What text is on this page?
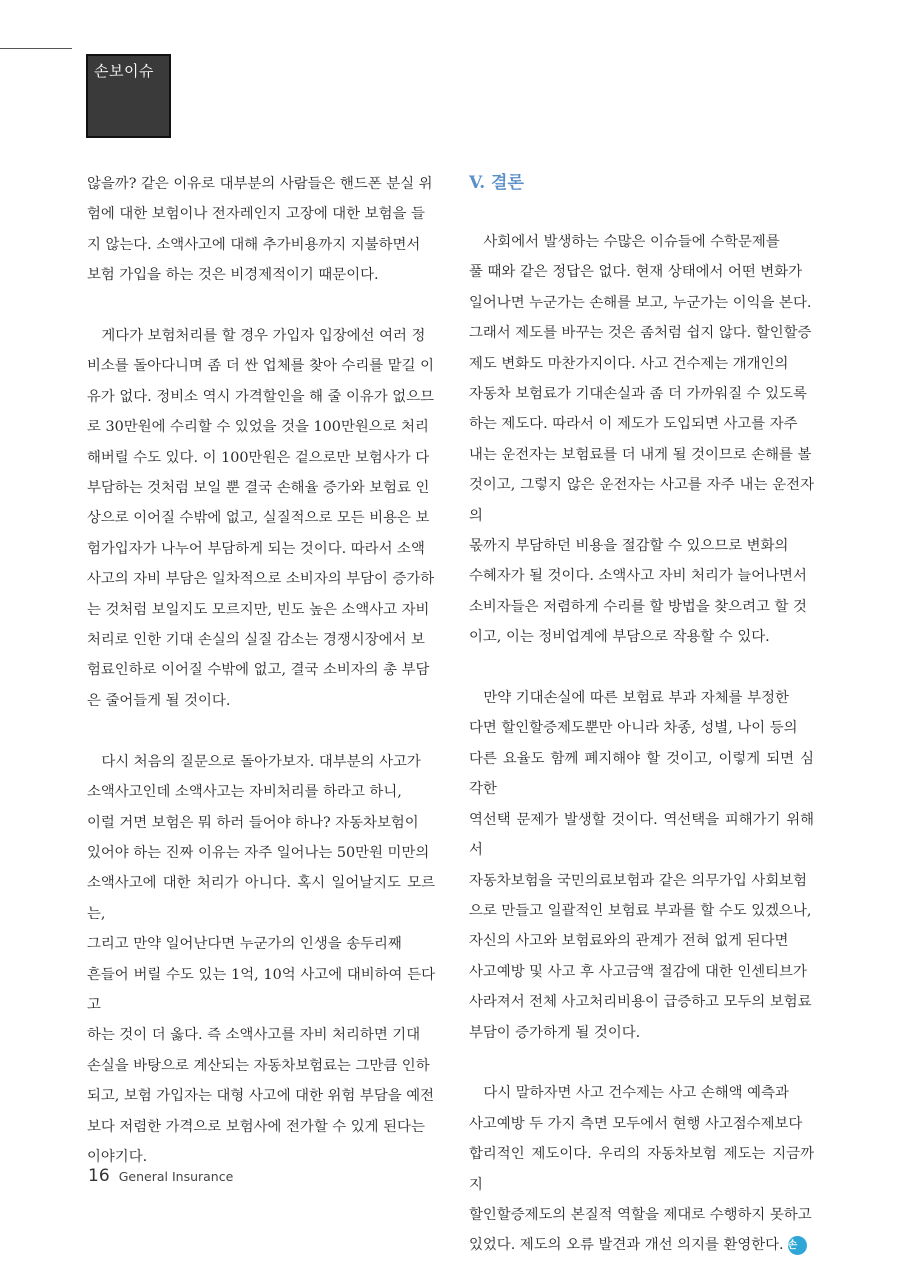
손보이슈

않을까? 같은 이유로 대부분의 사람들은 핸드폰 분실 위
험에 대한 보험이나 전자레인지 고장에 대한 보험을 들
지 않는다. 소액사고에 대해 추가비용까지 지불하면서
보험 가입을 하는 것은 비경제적이기 때문이다.

　게다가 보험처리를 할 경우 가입자 입장에선 여러 정
비소를 돌아다니며 좀 더 싼 업체를 찾아 수리를 맡길 이
유가 없다. 정비소 역시 가격할인을 해 줄 이유가 없으므
로 30만원에 수리할 수 있었을 것을 100만원으로 처리
해버릴 수도 있다. 이 100만원은 겉으로만 보험사가 다
부담하는 것처럼 보일 뿐 결국 손해율 증가와 보험료 인
상으로 이어질 수밖에 없고, 실질적으로 모든 비용은 보
험가입자가 나누어 부담하게 되는 것이다. 따라서 소액
사고의 자비 부담은 일차적으로 소비자의 부담이 증가하
는 것처럼 보일지도 모르지만, 빈도 높은 소액사고 자비
처리로 인한 기대 손실의 실질 감소는 경쟁시장에서 보
험료인하로 이어질 수밖에 없고, 결국 소비자의 총 부담
은 줄어들게 될 것이다.

　다시 처음의 질문으로 돌아가보자. 대부분의 사고가
소액사고인데 소액사고는 자비처리를 하라고 하니,
이럴 거면 보험은 뭐 하러 들어야 하나? 자동차보험이
있어야 하는 진짜 이유는 자주 일어나는 50만원 미만의
소액사고에 대한 처리가 아니다. 혹시 일어날지도 모르는,
그리고 만약 일어난다면 누군가의 인생을 송두리째
흔들어 버릴 수도 있는 1억, 10억 사고에 대비하여 든다고
하는 것이 더 옳다. 즉 소액사고를 자비 처리하면 기대
손실을 바탕으로 계산되는 자동차보험료는 그만큼 인하
되고, 보험 가입자는 대형 사고에 대한 위험 부담을 예전
보다 저렴한 가격으로 보험사에 전가할 수 있게 된다는
이야기다.

V. 결론

　사회에서 발생하는 수많은 이슈들에 수학문제를
풀 때와 같은 정답은 없다. 현재 상태에서 어떤 변화가
일어나면 누군가는 손해를 보고, 누군가는 이익을 본다.
그래서 제도를 바꾸는 것은 좀처럼 쉽지 않다. 할인할증
제도 변화도 마찬가지이다. 사고 건수제는 개개인의
자동차 보험료가 기대손실과 좀 더 가까워질 수 있도록
하는 제도다. 따라서 이 제도가 도입되면 사고를 자주
내는 운전자는 보험료를 더 내게 될 것이므로 손해를 볼
것이고, 그렇지 않은 운전자는 사고를 자주 내는 운전자의
몫까지 부담하던 비용을 절감할 수 있으므로 변화의
수혜자가 될 것이다. 소액사고 자비 처리가 늘어나면서
소비자들은 저렴하게 수리를 할 방법을 찾으려고 할 것
이고, 이는 정비업계에 부담으로 작용할 수 있다.

　만약 기대손실에 따른 보험료 부과 자체를 부정한
다면 할인할증제도뿐만 아니라 차종, 성별, 나이 등의
다른 요율도 함께 폐지해야 할 것이고, 이렇게 되면 심각한
역선택 문제가 발생할 것이다. 역선택을 피해가기 위해서
자동차보험을 국민의료보험과 같은 의무가입 사회보험
으로 만들고 일괄적인 보험료 부과를 할 수도 있겠으나,
자신의 사고와 보험료와의 관계가 전혀 없게 된다면
사고예방 및 사고 후 사고금액 절감에 대한 인센티브가
사라져서 전체 사고처리비용이 급증하고 모두의 보험료
부담이 증가하게 될 것이다.

　다시 말하자면 사고 건수제는 사고 손해액 예측과
사고예방 두 가지 측면 모두에서 현행 사고점수제보다
합리적인 제도이다. 우리의 자동차보험 제도는 지금까지
할인할증제도의 본질적 역할을 제대로 수행하지 못하고
있었다. 제도의 오류 발견과 개선 의지를 환영한다. 손

16 General Insurance
